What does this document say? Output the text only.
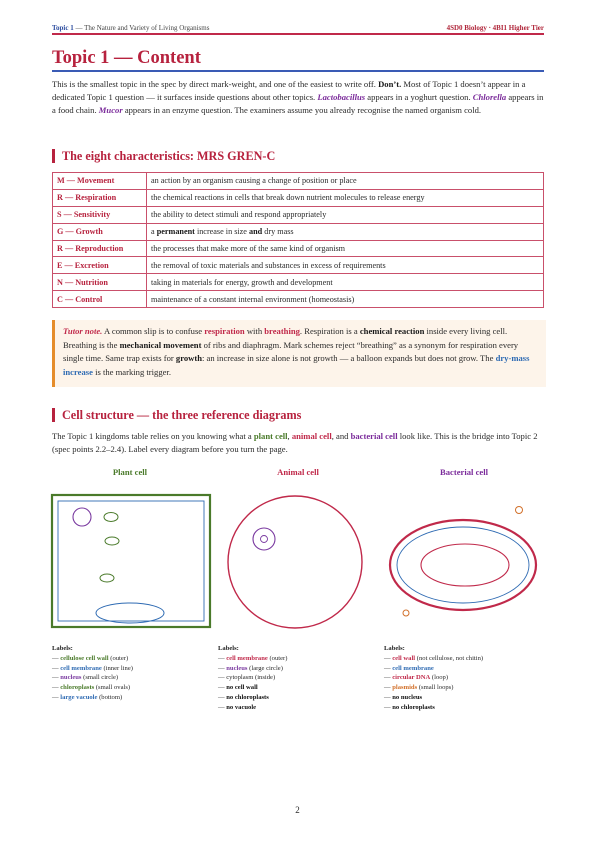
Topic 1 — The Nature and Variety of Living Organisms	4SD0 Biology · 4BI1 Higher Tier
Topic 1 — Content

This is the smallest topic in the spec by direct mark-weight, and one of the easiest to write off. Don’t. Most of Topic 1 doesn’t appear in a dedicated Topic 1 question — it surfaces inside questions about other topics. Lactobacillus appears in a yoghurt question. Chlorella appears in a food chain. Mucor appears in an enzyme question. The examiners assume you already recognise the named organism cold.

The eight characteristics: MRS GREN-C
M — Movement	an action by an organism causing a change of position or place
R — Respiration	the chemical reactions in cells that break down nutrient molecules to release energy
S — Sensitivity	the ability to detect stimuli and respond appropriately
G — Growth	a permanent increase in size and dry mass
R — Reproduction	the processes that make more of the same kind of organism
E — Excretion	the removal of toxic materials and substances in excess of requirements
N — Nutrition	taking in materials for energy, growth and development
C — Control	maintenance of a constant internal environment (homeostasis)
Tutor note. A common slip is to confuse respiration with breathing. Respiration is a chemical reaction inside every living cell. Breathing is the mechanical movement of ribs and diaphragm. Mark schemes reject “breathing” as a synonym for respiration every single time. Same trap exists for growth: an increase in size alone is not growth — a balloon expands but does not grow. The dry-mass increase is the marking trigger.
Cell structure — the three reference diagrams

The Topic 1 kingdoms table relies on you knowing what a plant cell, animal cell, and bacterial cell look like. This is the bridge into Topic 2 (spec points 2.2–2.4). Label every diagram before you turn the page.

Plant cell	Animal cell	Bacterial cell
Labels:
— cellulose cell wall (outer)
— cell membrane (inner line)
— nucleus (small circle)
— chloroplasts (small ovals)
— large vacuole (bottom)
Labels:
— cell membrane (outer)
— nucleus (large circle)
— cytoplasm (inside)
— no cell wall
— no chloroplasts
— no vacuole
Labels:
— cell wall (not cellulose, not chitin)
— cell membrane
— circular DNA (loop)
— plasmids (small loops)
— no nucleus
— no chloroplasts
2
